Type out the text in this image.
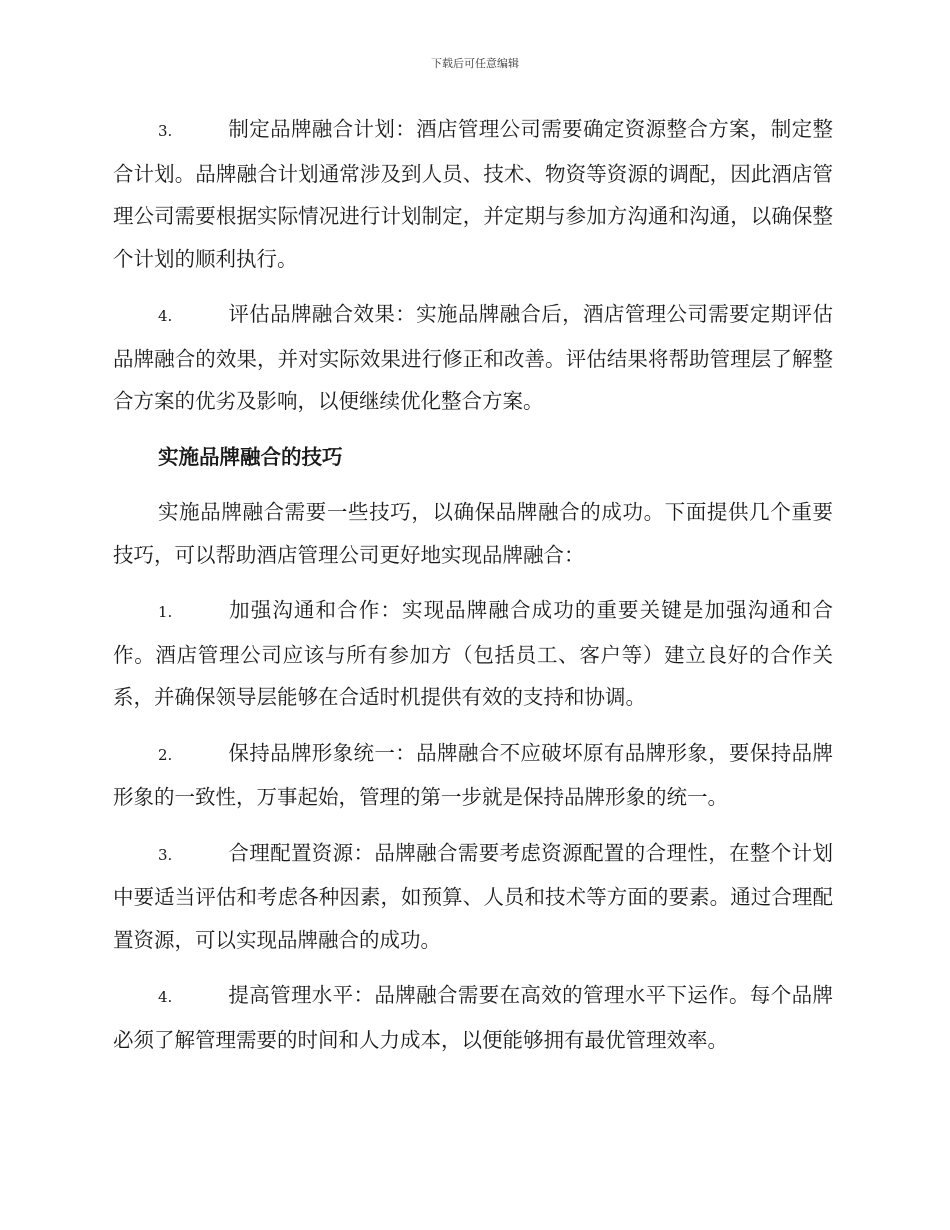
下载后可任意编辑

3.	制定品牌融合计划：酒店管理公司需要确定资源整合方案，制定整合计划。品牌融合计划通常涉及到人员、技术、物资等资源的调配，因此酒店管理公司需要根据实际情况进行计划制定，并定期与参加方沟通和沟通，以确保整个计划的顺利执行。

4.	评估品牌融合效果：实施品牌融合后，酒店管理公司需要定期评估品牌融合的效果，并对实际效果进行修正和改善。评估结果将帮助管理层了解整合方案的优劣及影响，以便继续优化整合方案。

实施品牌融合的技巧

实施品牌融合需要一些技巧，以确保品牌融合的成功。下面提供几个重要技巧，可以帮助酒店管理公司更好地实现品牌融合：

1.	加强沟通和合作：实现品牌融合成功的重要关键是加强沟通和合作。酒店管理公司应该与所有参加方（包括员工、客户等）建立良好的合作关系，并确保领导层能够在合适时机提供有效的支持和协调。

2.	保持品牌形象统一：品牌融合不应破坏原有品牌形象，要保持品牌形象的一致性，万事起始，管理的第一步就是保持品牌形象的统一。

3.	合理配置资源：品牌融合需要考虑资源配置的合理性，在整个计划中要适当评估和考虑各种因素，如预算、人员和技术等方面的要素。通过合理配置资源，可以实现品牌融合的成功。

4.	提高管理水平：品牌融合需要在高效的管理水平下运作。每个品牌必须了解管理需要的时间和人力成本，以便能够拥有最优管理效率。
